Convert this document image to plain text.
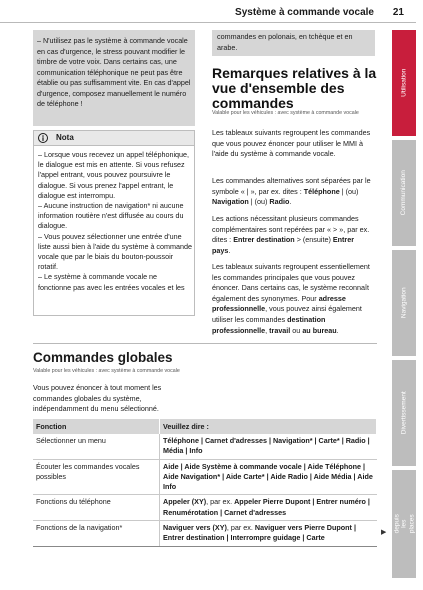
Système à commande vocale 21
– N'utilisez pas le système à commande vocale en cas d'urgence, le stress pouvant modifier le timbre de votre voix. Dans certains cas, une communication téléphonique ne peut pas être établie ou pas suffisamment vite. En cas d'appel d'urgence, composez manuellement le numéro de téléphone !
Nota

– Lorsque vous recevez un appel téléphonique, le dialogue est mis en attente. Si vous refusez l'appel entrant, vous pouvez poursuivre le dialogue. Si vous prenez l'appel entrant, le dialogue est interrompu.

– Aucune instruction de navigation* ni aucune information routière n'est diffusée au cours du dialogue.

– Vous pouvez sélectionner une entrée d'une liste aussi bien à l'aide du système à commande vocale que par le biais du bouton-poussoir rotatif.

– Le système à commande vocale ne fonctionne pas avec les entrées vocales et les

commandes en polonais, en tchèque et en arabe.
Remarques relatives à la vue d'ensemble des commandes
Valable pour les véhicules : avec système à commande vocale
Les tableaux suivants regroupent les commandes que vous pouvez énoncer pour utiliser le MMI à l'aide du système à commande vocale.
Les commandes alternatives sont séparées par le symbole « | », par ex. dites : Téléphone | (ou) Navigation | (ou) Radio.
Les actions nécessitant plusieurs commandes complémentaires sont repérées par « > », par ex. dites : Entrer destination > (ensuite) Entrer pays.
Les tableaux suivants regroupent essentiellement les commandes principales que vous pouvez énoncer. Dans certains cas, le système reconnaît également des synonymes. Pour adresse professionnelle, vous pouvez ainsi également utiliser les commandes destination professionnelle, travail ou au bureau.
Commandes globales
Valable pour les véhicules : avec système à commande vocale
Vous pouvez énoncer à tout moment les commandes globales du système, indépendamment du menu sélectionné.
Fonction	Veuillez dire :
Sélectionner un menu	Téléphone | Carnet d'adresses | Navigation* | Carte* | Radio | Média | Info
Écouter les commandes vocales possibles	Aide | Aide Système à commande vocale | Aide Téléphone | Aide Navigation* | Aide Carte* | Aide Radio | Aide Média | Aide Info
Fonctions du téléphone	Appeler (XY), par ex. Appeler Pierre Dupont | Entrer numéro | Renumérotation | Carnet d'adresses
Fonctions de la navigation*	Naviguer vers (XY), par ex. Naviguer vers Pierre Dupont | Entrer destination | Interrompre guidage | Carte
▶
Utilisation
Communication
Navigation
Divertissement
Utilisation depuis les places arrière
